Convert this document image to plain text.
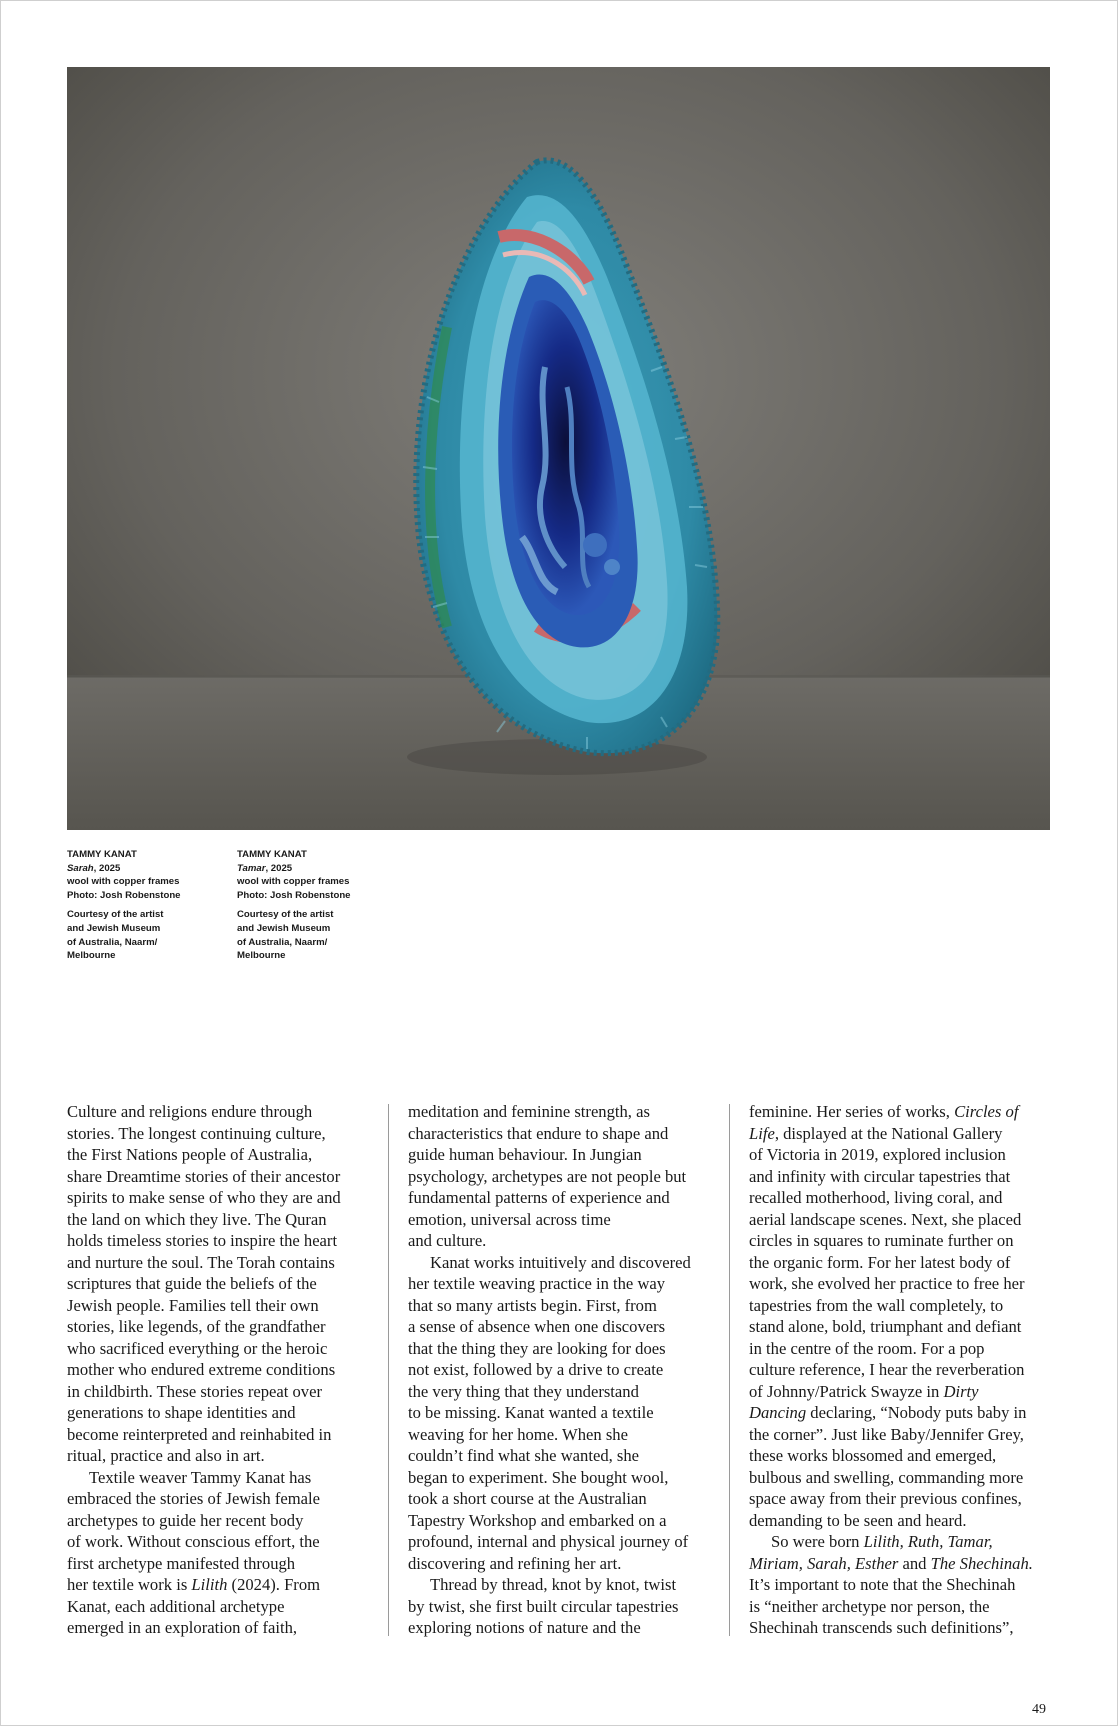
TAMMY KANAT
Sarah, 2025
wool with copper frames
Photo: Josh Robenstone
Courtesy of the artist
and Jewish Museum
of Australia, Naarm/
Melbourne
TAMMY KANAT
Tamar, 2025
wool with copper frames
Photo: Josh Robenstone
Courtesy of the artist
and Jewish Museum
of Australia, Naarm/
Melbourne
Culture and religions endure through
stories. The longest continuing culture,
the First Nations people of Australia,
share Dreamtime stories of their ancestor
spirits to make sense of who they are and
the land on which they live. The Quran
holds timeless stories to inspire the heart
and nurture the soul. The Torah contains
scriptures that guide the beliefs of the
Jewish people. Families tell their own
stories, like legends, of the grandfather
who sacrificed everything or the heroic
mother who endured extreme conditions
in childbirth. These stories repeat over
generations to shape identities and
become reinterpreted and reinhabited in
ritual, practice and also in art.
Textile weaver Tammy Kanat has
embraced the stories of Jewish female
archetypes to guide her recent body
of work. Without conscious effort, the
first archetype manifested through
her textile work is Lilith (2024). From
Kanat, each additional archetype
emerged in an exploration of faith,
meditation and feminine strength, as
characteristics that endure to shape and
guide human behaviour. In Jungian
psychology, archetypes are not people but
fundamental patterns of experience and
emotion, universal across time
and culture.
Kanat works intuitively and discovered
her textile weaving practice in the way
that so many artists begin. First, from
a sense of absence when one discovers
that the thing they are looking for does
not exist, followed by a drive to create
the very thing that they understand
to be missing. Kanat wanted a textile
weaving for her home. When she
couldn’t find what she wanted, she
began to experiment. She bought wool,
took a short course at the Australian
Tapestry Workshop and embarked on a
profound, internal and physical journey of
discovering and refining her art.
Thread by thread, knot by knot, twist
by twist, she first built circular tapestries
exploring notions of nature and the
feminine. Her series of works, Circles of
Life, displayed at the National Gallery
of Victoria in 2019, explored inclusion
and infinity with circular tapestries that
recalled motherhood, living coral, and
aerial landscape scenes. Next, she placed
circles in squares to ruminate further on
the organic form. For her latest body of
work, she evolved her practice to free her
tapestries from the wall completely, to
stand alone, bold, triumphant and defiant
in the centre of the room. For a pop
culture reference, I hear the reverberation
of Johnny/Patrick Swayze in Dirty
Dancing declaring, “Nobody puts baby in
the corner”. Just like Baby/Jennifer Grey,
these works blossomed and emerged,
bulbous and swelling, commanding more
space away from their previous confines,
demanding to be seen and heard.
So were born Lilith, Ruth, Tamar,
Miriam, Sarah, Esther and The Shechinah.
It’s important to note that the Shechinah
is “neither archetype nor person, the
Shechinah transcends such definitions”,
49
